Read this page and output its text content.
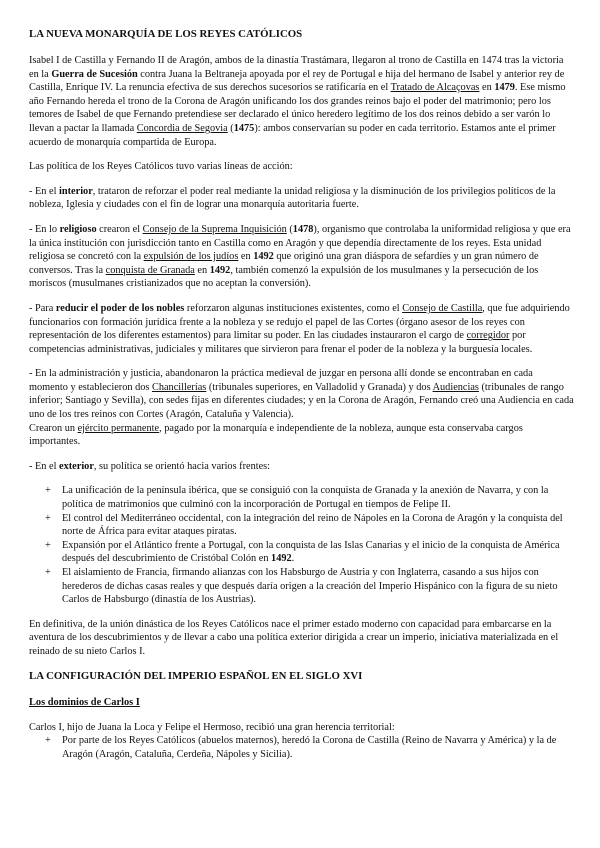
LA NUEVA MONARQUÍA DE LOS REYES CATÓLICOS

Isabel I de Castilla y Fernando II de Aragón, ambos de la dinastía Trastámara, llegaron al trono de Castilla en 1474 tras la victoria en la Guerra de Sucesión contra Juana la Beltraneja apoyada por el rey de Portugal e hija del hermano de Isabel y anterior rey de Castilla, Enrique IV. La renuncia efectiva de sus derechos sucesorios se ratificaría en el Tratado de Alcaçovas en 1479. Ese mismo año Fernando hereda el trono de la Corona de Aragón unificando los dos grandes reinos bajo el poder del matrimonio; pero los temores de Isabel de que Fernando pretendiese ser declarado el único heredero legítimo de los dos reinos debido a ser varón lo llevan a pactar la llamada Concordia de Segovia (1475): ambos conservarían su poder en cada territorio. Estamos ante el primer acuerdo de monarquía compartida de Europa.

Las política de los Reyes Católicos tuvo varias líneas de acción:

- En el interior, trataron de reforzar el poder real mediante la unidad religiosa y la disminución de los privilegios políticos de la nobleza, Iglesia y ciudades con el fin de lograr una monarquía autoritaria fuerte.

- En lo religioso crearon el Consejo de la Suprema Inquisición (1478), organismo que controlaba la uniformidad religiosa y que era la única institución con jurisdicción tanto en Castilla como en Aragón y que dependía directamente de los reyes. Esta unidad religiosa se concretó con la expulsión de los judíos en 1492 que originó una gran diáspora de sefardíes y un gran número de conversos. Tras la conquista de Granada en 1492, también comenzó la expulsión de los musulmanes y la persecución de los moriscos (musulmanes cristianizados que no aceptan la conversión).

- Para reducir el poder de los nobles reforzaron algunas instituciones existentes, como el Consejo de Castilla, que fue adquiriendo funcionarios con formación jurídica frente a la nobleza y se redujo el papel de las Cortes (órgano asesor de los reyes con representación de los diferentes estamentos) para limitar su poder. En las ciudades instauraron el cargo de corregidor por competencias administrativas, judiciales y militares que sirvieron para frenar el poder de la nobleza y la burguesía locales.

- En la administración y justicia, abandonaron la práctica medieval de juzgar en persona allí donde se encontraban en cada momento y establecieron dos Chancillerías (tribunales superiores, en Valladolid y Granada) y dos Audiencias (tribunales de rango inferior; Santiago y Sevilla), con sedes fijas en diferentes ciudades; y en la Corona de Aragón, Fernando creó una Audiencia en cada uno de los tres reinos con Cortes (Aragón, Cataluña y Valencia).

Crearon un ejército permanente, pagado por la monarquía e independiente de la nobleza, aunque esta conservaba cargos importantes.

- En el exterior, su política se orientó hacia varios frentes:

+ La unificación de la península ibérica, que se consiguió con la conquista de Granada y la anexión de Navarra, y con la política de matrimonios que culminó con la incorporación de Portugal en tiempos de Felipe II.
+ El control del Mediterráneo occidental, con la integración del reino de Nápoles en la Corona de Aragón y la conquista del norte de África para evitar ataques piratas.
+ Expansión por el Atlántico frente a Portugal, con la conquista de las Islas Canarias y el inicio de la conquista de América después del descubrimiento de Cristóbal Colón en 1492.
+ El aislamiento de Francia, firmando alianzas con los Habsburgo de Austria y con Inglaterra, casando a sus hijos con herederos de dichas casas reales y que después daría origen a la creación del Imperio Hispánico con la figura de su nieto Carlos de Habsburgo (dinastía de los Austrias).

En definitiva, de la unión dinástica de los Reyes Católicos nace el primer estado moderno con capacidad para embarcarse en la aventura de los descubrimientos y de llevar a cabo una política exterior dirigida a crear un imperio, iniciativa materializada en el reinado de su nieto Carlos I.

LA CONFIGURACIÓN DEL IMPERIO ESPAÑOL EN EL SIGLO XVI
Los dominios de Carlos I

Carlos I, hijo de Juana la Loca y Felipe el Hermoso, recibió una gran herencia territorial:

+ Por parte de los Reyes Católicos (abuelos maternos), heredó la Corona de Castilla (Reino de Navarra y América) y la de Aragón (Aragón, Cataluña, Cerdeña, Nápoles y Sicilia).
